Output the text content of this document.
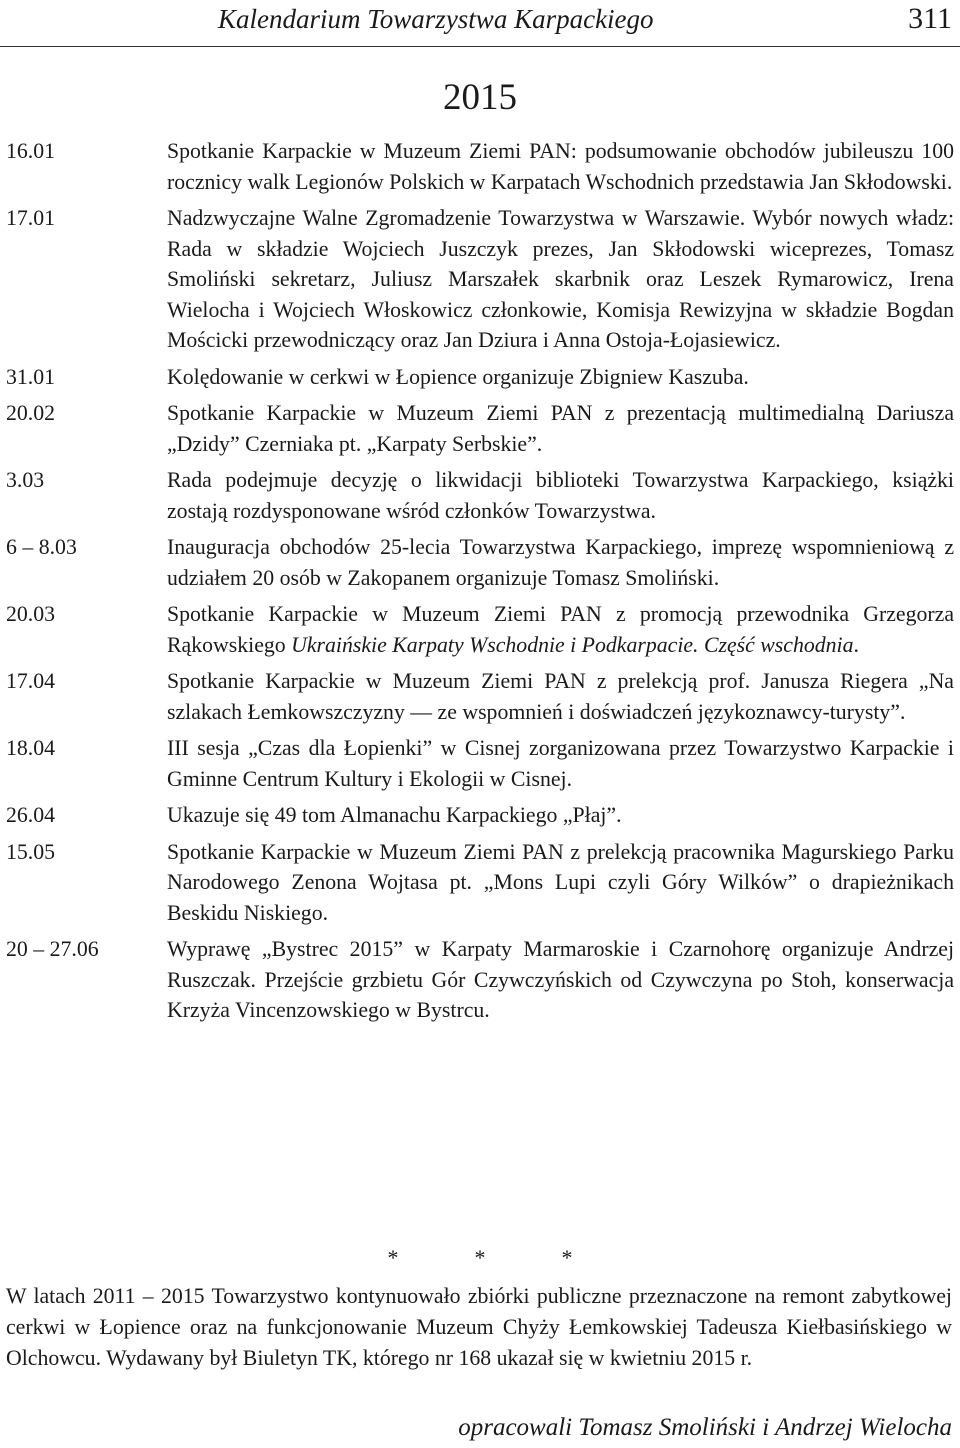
Kalendarium Towarzystwa Karpackiego	311
2015
16.01	Spotkanie Karpackie w Muzeum Ziemi PAN: podsumowanie obchodów jubileuszu 100 rocznicy walk Legionów Polskich w Karpatach Wschodnich przedstawia Jan Skłodowski.
17.01	Nadzwyczajne Walne Zgromadzenie Towarzystwa w Warszawie. Wybór nowych władz: Rada w składzie Wojciech Juszczyk prezes, Jan Skłodowski wiceprezes, Tomasz Smoliński sekretarz, Juliusz Marszałek skarbnik oraz Leszek Rymarowicz, Irena Wielocha i Wojciech Włoskowicz członkowie, Komisja Rewizyjna w składzie Bogdan Mościcki przewodniczący oraz Jan Dziura i Anna Ostoja-Łojasiewicz.
31.01	Kolędowanie w cerkwi w Łopience organizuje Zbigniew Kaszuba.
20.02	Spotkanie Karpackie w Muzeum Ziemi PAN z prezentacją multimedialną Dariusza „Dzidy” Czerniaka pt. „Karpaty Serbskie”.
3.03	Rada podejmuje decyzję o likwidacji biblioteki Towarzystwa Karpackiego, książki zostają rozdysponowane wśród członków Towarzystwa.
6 – 8.03	Inauguracja obchodów 25-lecia Towarzystwa Karpackiego, imprezę wspomnieniową z udziałem 20 osób w Zakopanem organizuje Tomasz Smoliński.
20.03	Spotkanie Karpackie w Muzeum Ziemi PAN z promocją przewodnika Grzegorza Rąkowskiego Ukraińskie Karpaty Wschodnie i Podkarpacie. Część wschodnia.
17.04	Spotkanie Karpackie w Muzeum Ziemi PAN z prelekcją prof. Janusza Riegera „Na szlakach Łemkowszczyzny — ze wspomnień i doświadczeń językoznawcy-turysty”.
18.04	III sesja „Czas dla Łopienki” w Cisnej zorganizowana przez Towarzystwo Karpackie i Gminne Centrum Kultury i Ekologii w Cisnej.
26.04	Ukazuje się 49 tom Almanachu Karpackiego „Płaj”.
15.05	Spotkanie Karpackie w Muzeum Ziemi PAN z prelekcją pracownika Magurskiego Parku Narodowego Zenona Wojtasa pt. „Mons Lupi czyli Góry Wilków” o drapieżnikach Beskidu Niskiego.
20 – 27.06	Wyprawę „Bystrec 2015” w Karpaty Marmaroskie i Czarnohorę organizuje Andrzej Ruszczak. Przejście grzbietu Gór Czywczyńskich od Czywczyna po Stoh, konserwacja Krzyża Vincenzowskiego w Bystrcu.
*	*	*
W latach 2011 – 2015 Towarzystwo kontynuowało zbiórki publiczne przeznaczone na remont zabytkowej cerkwi w Łopience oraz na funkcjonowanie Muzeum Chyży Łemkowskiej Tadeusza Kiełbasińskiego w Olchowcu. Wydawany był Biuletyn TK, którego nr 168 ukazał się w kwietniu 2015 r.
opracowali Tomasz Smoliński i Andrzej Wielocha
